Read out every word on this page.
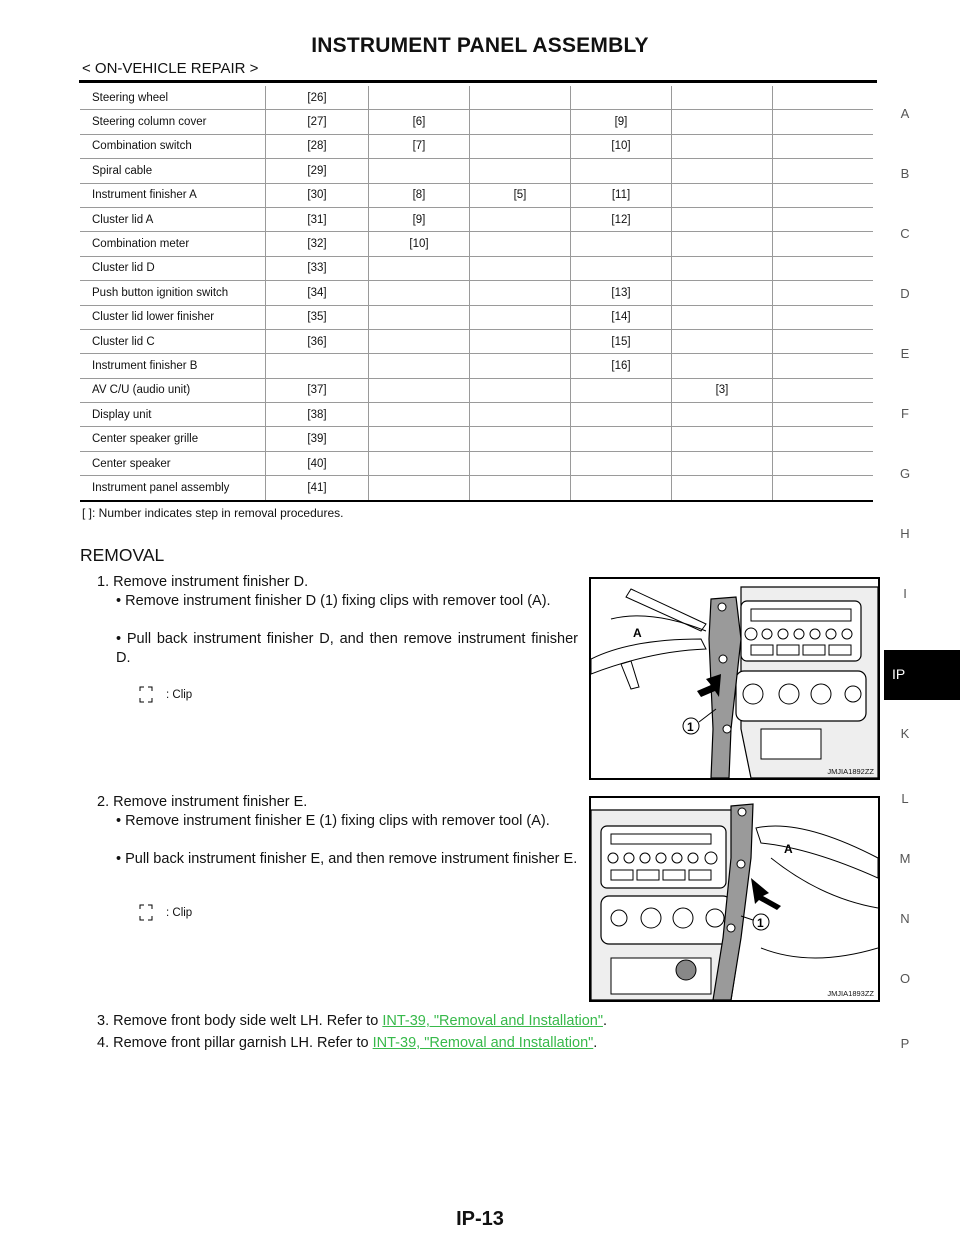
INSTRUMENT PANEL ASSEMBLY
< ON-VEHICLE REPAIR >
Steering wheel	[26]					
Steering column cover	[27]	[6]		[9]		
Combination switch	[28]	[7]		[10]		
Spiral cable	[29]					
Instrument finisher A	[30]	[8]	[5]	[11]		
Cluster lid A	[31]	[9]		[12]		
Combination meter	[32]	[10]				
Cluster lid D	[33]					
Push button ignition switch	[34]			[13]		
Cluster lid lower finisher	[35]			[14]		
Cluster lid C	[36]			[15]		
Instrument finisher B				[16]		
AV C/U (audio unit)	[37]				[3]	
Display unit	[38]					
Center speaker grille	[39]					
Center speaker	[40]					
Instrument panel assembly	[41]					
[ ]: Number indicates step in removal procedures.
REMOVAL
1. Remove instrument finisher D.
• Remove instrument finisher D (1) fixing clips with remover tool (A).
• Pull back instrument finisher D, and then remove instrument finisher D.
: Clip
A
1
JMJIA1892ZZ
2. Remove instrument finisher E.
• Remove instrument finisher E (1) fixing clips with remover tool (A).
• Pull back instrument finisher E, and then remove instrument finisher E.
: Clip
A
1
JMJIA1893ZZ
3. Remove front body side welt LH. Refer to INT-39, "Removal and Installation".
4. Remove front pillar garnish LH. Refer to INT-39, "Removal and Installation".
A
B
C
D
E
F
G
H
I
IP
K
L
M
N
O
P
IP-13
